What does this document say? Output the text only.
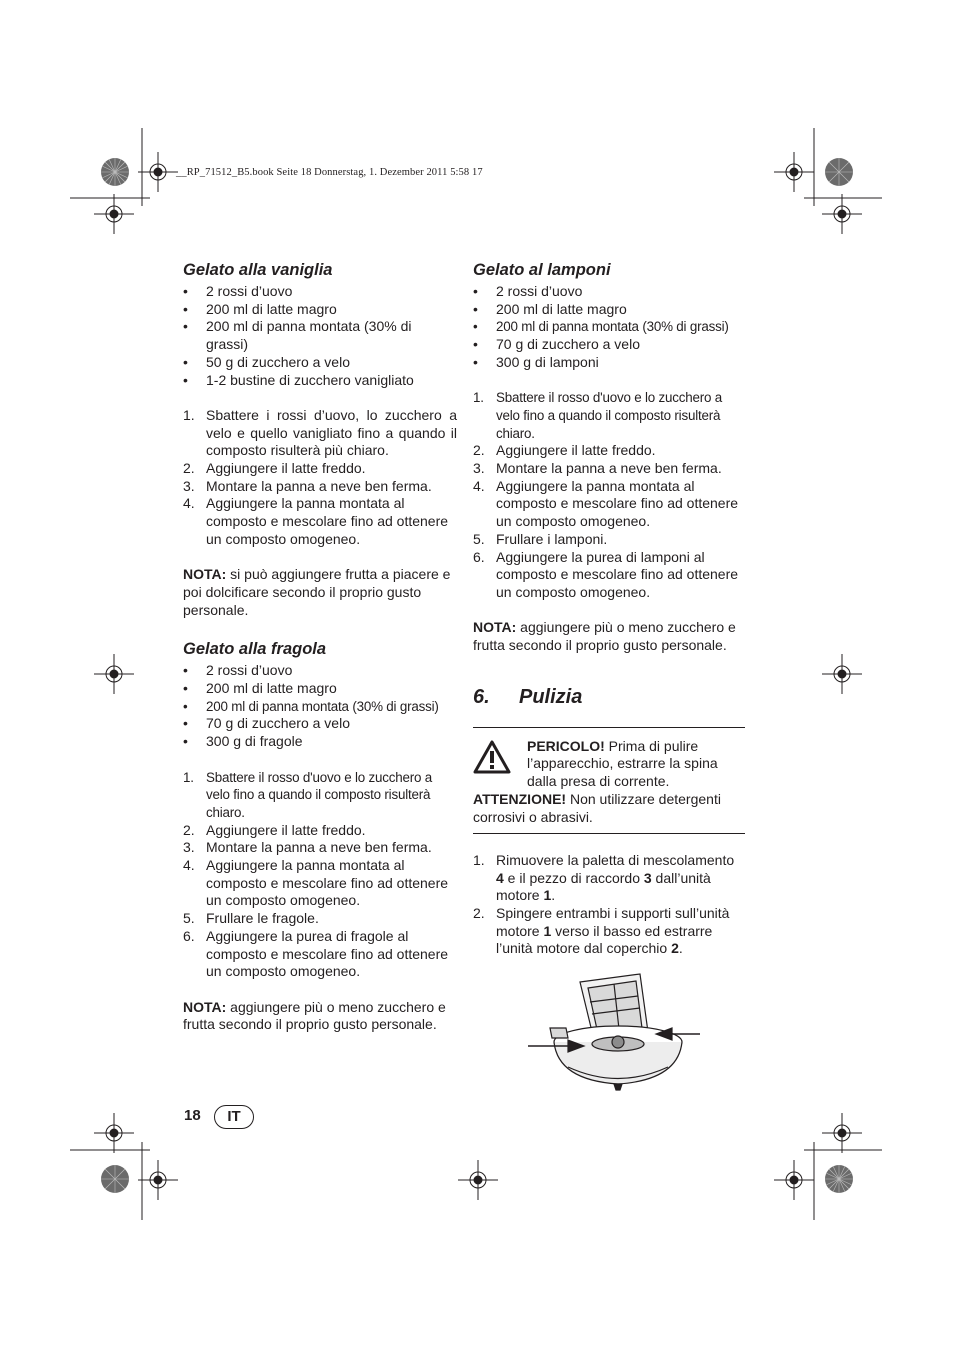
__RP_71512_B5.book Seite 18 Donnerstag, 1. Dezember 2011 5:58 17
Gelato alla vaniglia
• 2 rossi d’uovo
• 200 ml di latte magro
• 200 ml di panna montata (30% di grassi)
• 50 g di zucchero a velo
• 1-2 bustine di zucchero vanigliato
1. Sbattere i rossi d’uovo, lo zucchero a velo e quello vanigliato fino a quando il composto risulterà più chiaro.
2. Aggiungere il latte freddo.
3. Montare la panna a neve ben ferma.
4. Aggiungere la panna montata al composto e mescolare fino ad ottenere un composto omogeneo.

NOTA: si può aggiungere frutta a piacere e poi dolcificare secondo il proprio gusto personale.

Gelato alla fragola
• 2 rossi d’uovo
• 200 ml di latte magro
• 200 ml di panna montata (30% di grassi)
• 70 g di zucchero a velo
• 300 g di fragole
1. Sbattere il rosso d'uovo e lo zucchero a velo fino a quando il composto risulterà chiaro.
2. Aggiungere il latte freddo.
3. Montare la panna a neve ben ferma.
4. Aggiungere la panna montata al composto e mescolare fino ad ottenere un composto omogeneo.
5. Frullare le fragole.
6. Aggiungere la purea di fragole al composto e mescolare fino ad ottenere un composto omogeneo.

NOTA: aggiungere più o meno zucchero e frutta secondo il proprio gusto personale.

Gelato al lamponi
• 2 rossi d’uovo
• 200 ml di latte magro
• 200 ml di panna montata (30% di grassi)
• 70 g di zucchero a velo
• 300 g di lamponi
1. Sbattere il rosso d'uovo e lo zucchero a velo fino a quando il composto risulterà chiaro.
2. Aggiungere il latte freddo.
3. Montare la panna a neve ben ferma.
4. Aggiungere la panna montata al composto e mescolare fino ad ottenere un composto omogeneo.
5. Frullare i lamponi.
6. Aggiungere la purea di lamponi al composto e mescolare fino ad ottenere un composto omogeneo.

NOTA: aggiungere più o meno zucchero e frutta secondo il proprio gusto personale.

6. Pulizia

PERICOLO! Prima di pulire l’apparecchio, estrarre la spina dalla presa di corrente.

ATTENZIONE! Non utilizzare detergenti corrosivi o abrasivi.

1. Rimuovere la paletta di mescolamento 4 e il pezzo di raccordo 3 dall’unità motore 1.
2. Spingere entrambi i supporti sull’unità motore 1 verso il basso ed estrarre l’unità motore dal coperchio 2.
18	IT
